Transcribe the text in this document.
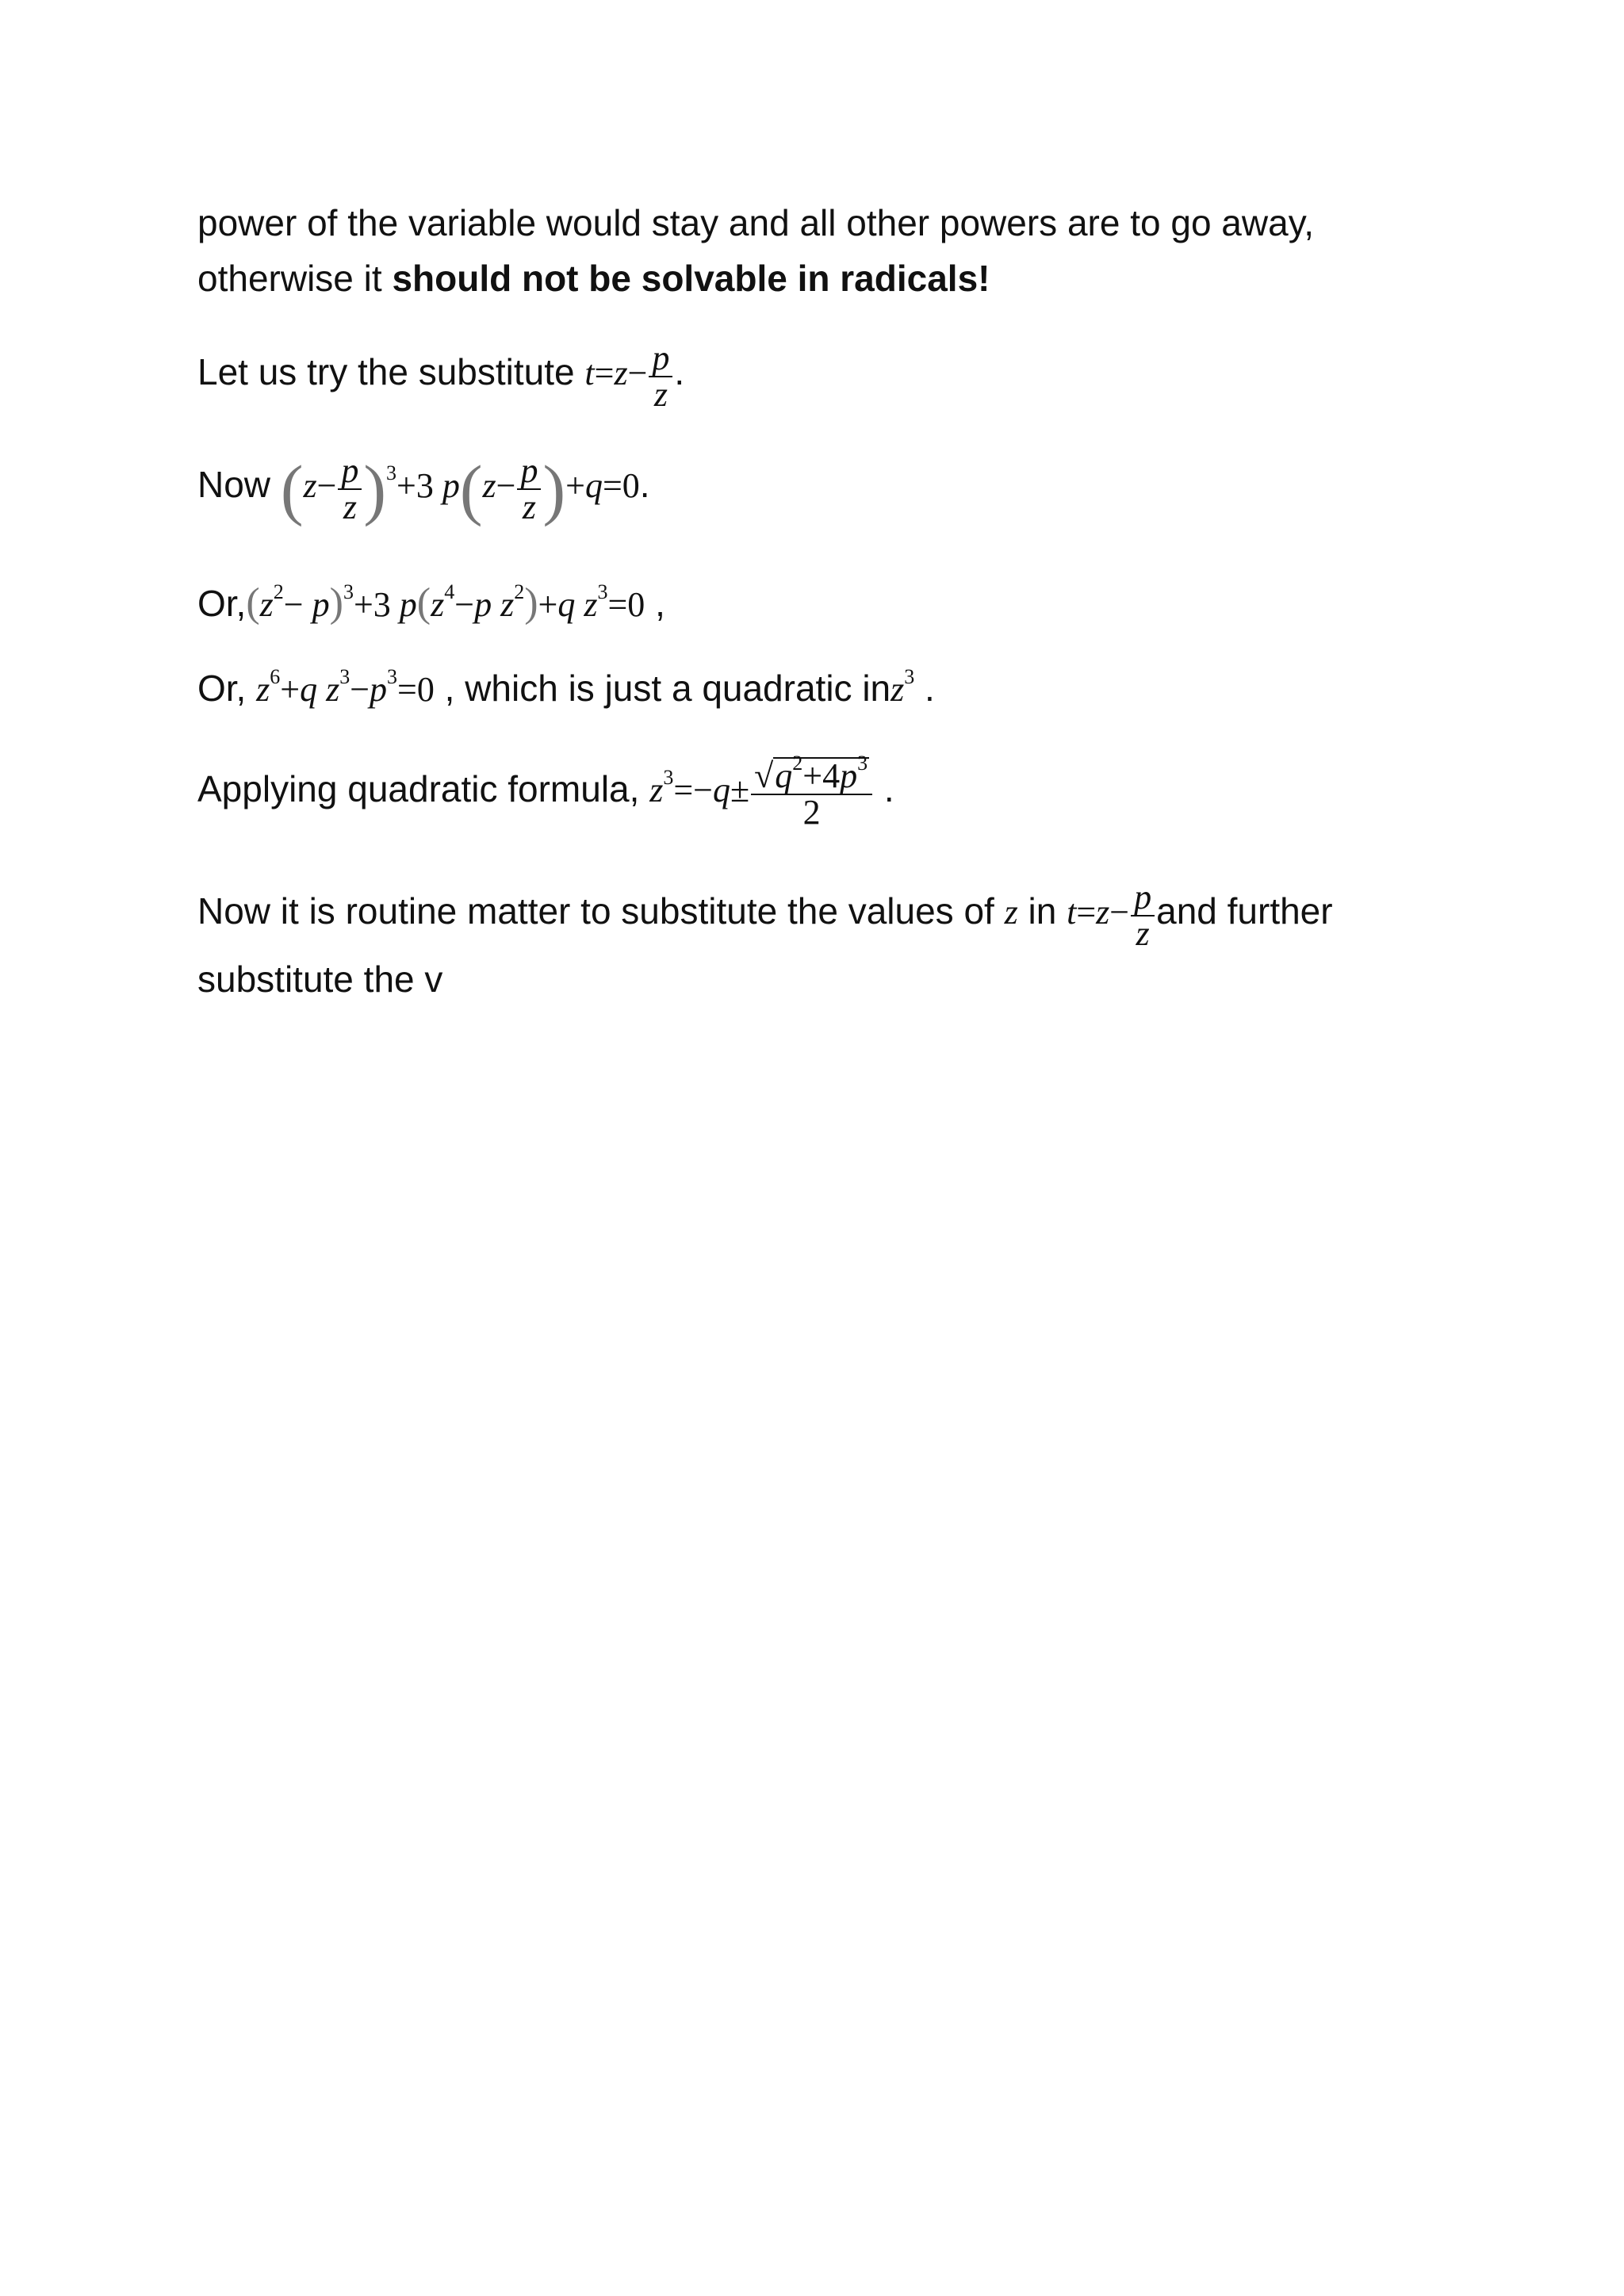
power of the variable would stay and all other powers are to go away,
otherwise it should not be solvable in radicals!
Let us try the substitute $t=z- \frac{p}{z}$ .
Now $(z- \frac{p}{z} )^3+3$ $p(z- \frac{p}{z} )+q=0$.
$Or,(z^2- p)^3+3$ $p(z^4-p$ $z^2)+q$ $z^3=0$ ,
Or, $z^6+q$ $z^3-p^3=0$ , which is just a quadratic inz$^3$ .
Applying quadratic formula, $z^3=-q\pm \frac{√q^2+4p^3}{2}$ .
Now it is routine matter to substitute the values of z in $t=z- \frac{p}{z}$ and further
substitute the v
